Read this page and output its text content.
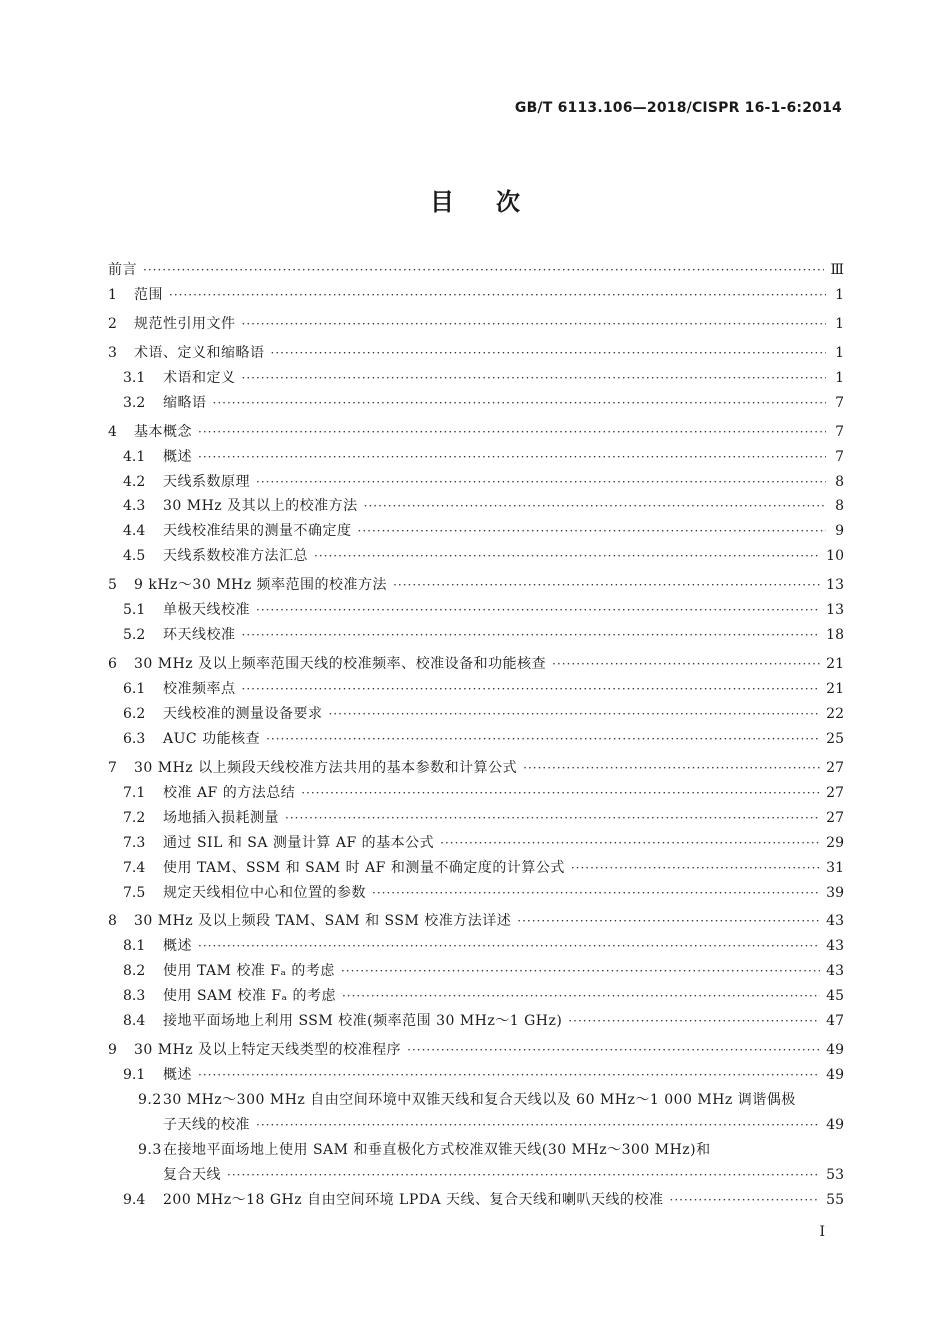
GB/T 6113.106—2018/CISPR 16-1-6:2014
目次
前言 ·····	Ⅲ
1	范围 ·····	1
2	规范性引用文件 ·····	1
3	术语、定义和缩略语 ·····	1
3.1	术语和定义 ·····	1
3.2	缩略语 ·····	7
4	基本概念 ·····	7
4.1	概述 ·····	7
4.2	天线系数原理 ·····	8
4.3	30 MHz 及其以上的校准方法 ·····	8
4.4	天线校准结果的测量不确定度 ·····	9
4.5	天线系数校准方法汇总 ·····	10
5	9 kHz～30 MHz 频率范围的校准方法 ·····	13
5.1	单极天线校准 ·····	13
5.2	环天线校准 ·····	18
6	30 MHz 及以上频率范围天线的校准频率、校准设备和功能核查 ·····	21
6.1	校准频率点 ·····	21
6.2	天线校准的测量设备要求 ·····	22
6.3	AUC 功能核查 ·····	25
7	30 MHz 以上频段天线校准方法共用的基本参数和计算公式 ·····	27
7.1	校准 AF 的方法总结 ·····	27
7.2	场地插入损耗测量 ·····	27
7.3	通过 SIL 和 SA 测量计算 AF 的基本公式 ·····	29
7.4	使用 TAM、SSM 和 SAM 时 AF 和测量不确定度的计算公式 ·····	31
7.5	规定天线相位中心和位置的参数 ·····	39
8	30 MHz 及以上频段 TAM、SAM 和 SSM 校准方法详述 ·····	43
8.1	概述 ·····	43
8.2	使用 TAM 校准 Fₐ 的考虑 ·····	43
8.3	使用 SAM 校准 Fₐ 的考虑 ·····	45
8.4	接地平面场地上利用 SSM 校准(频率范围 30 MHz～1 GHz) ·····	47
9	30 MHz 及以上特定天线类型的校准程序 ·····	49
9.1	概述 ·····	49
9.230 MHz～300 MHz 自由空间环境中双锥天线和复合天线以及 60 MHz～1 000 MHz 调谐偶极
子天线的校准 ·····	49
9.3在接地平面场地上使用 SAM 和垂直极化方式校准双锥天线(30 MHz～300 MHz)和
复合天线 ·····	53
9.4	200 MHz～18 GHz 自由空间环境 LPDA 天线、复合天线和喇叭天线的校准 ·····	55
I
